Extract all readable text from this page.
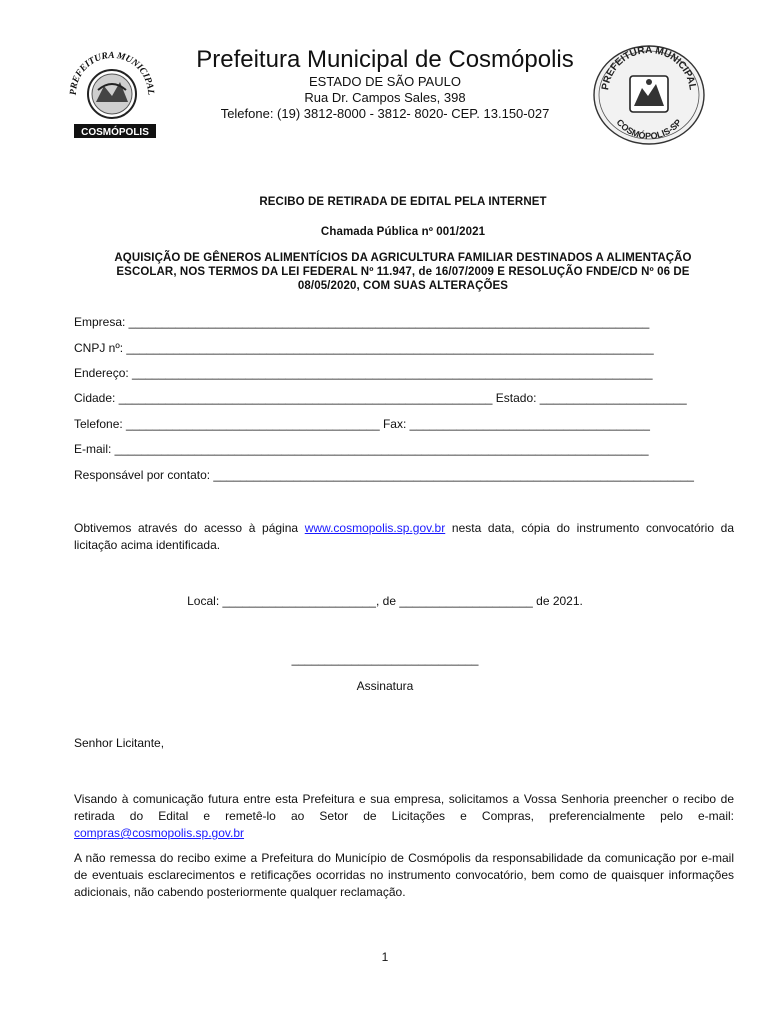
PREFEITURA MUNICIPAL
COSMÓPOLIS
Prefeitura Municipal de Cosmópolis
ESTADO DE SÃO PAULO
Rua Dr. Campos Sales, 398
Telefone: (19) 3812-8000 - 3812- 8020- CEP. 13.150-027
PREFEITURA MUNICIPAL
COSMÓPOLIS-SP
RECIBO DE RETIRADA DE EDITAL PELA INTERNET
Chamada Pública nº 001/2021
AQUISIÇÃO DE GÊNEROS ALIMENTÍCIOS DA AGRICULTURA FAMILIAR DESTINADOS A ALIMENTAÇÃO
ESCOLAR, NOS TERMOS DA LEI FEDERAL Nº 11.947, de 16/07/2009 E RESOLUÇÃO FNDE/CD Nº 06 DE
08/05/2020, COM SUAS ALTERAÇÕES
Empresa: ______________________________________________________________________________
CNPJ nº: _______________________________________________________________________________
Endereço: ______________________________________________________________________________
Cidade: ________________________________________________________ Estado: ______________________
Telefone: ______________________________________ Fax: ____________________________________
E-mail: ________________________________________________________________________________
Responsável por contato: ________________________________________________________________________
Obtivemos através do acesso à página www.cosmopolis.sp.gov.br nesta data, cópia do instrumento convocatório da licitação acima identificada.
Local: _______________________, de ____________________ de 2021.
____________________________
Assinatura
Senhor Licitante,
Visando à comunicação futura entre esta Prefeitura e sua empresa, solicitamos a Vossa Senhoria preencher o recibo de retirada do Edital e remetê-lo ao Setor de Licitações e Compras, preferencialmente pelo e-mail: compras@cosmopolis.sp.gov.br
A não remessa do recibo exime a Prefeitura do Município de Cosmópolis da responsabilidade da comunicação por e-mail de eventuais esclarecimentos e retificações ocorridas no instrumento convocatório, bem como de quaisquer informações adicionais, não cabendo posteriormente qualquer reclamação.
1
